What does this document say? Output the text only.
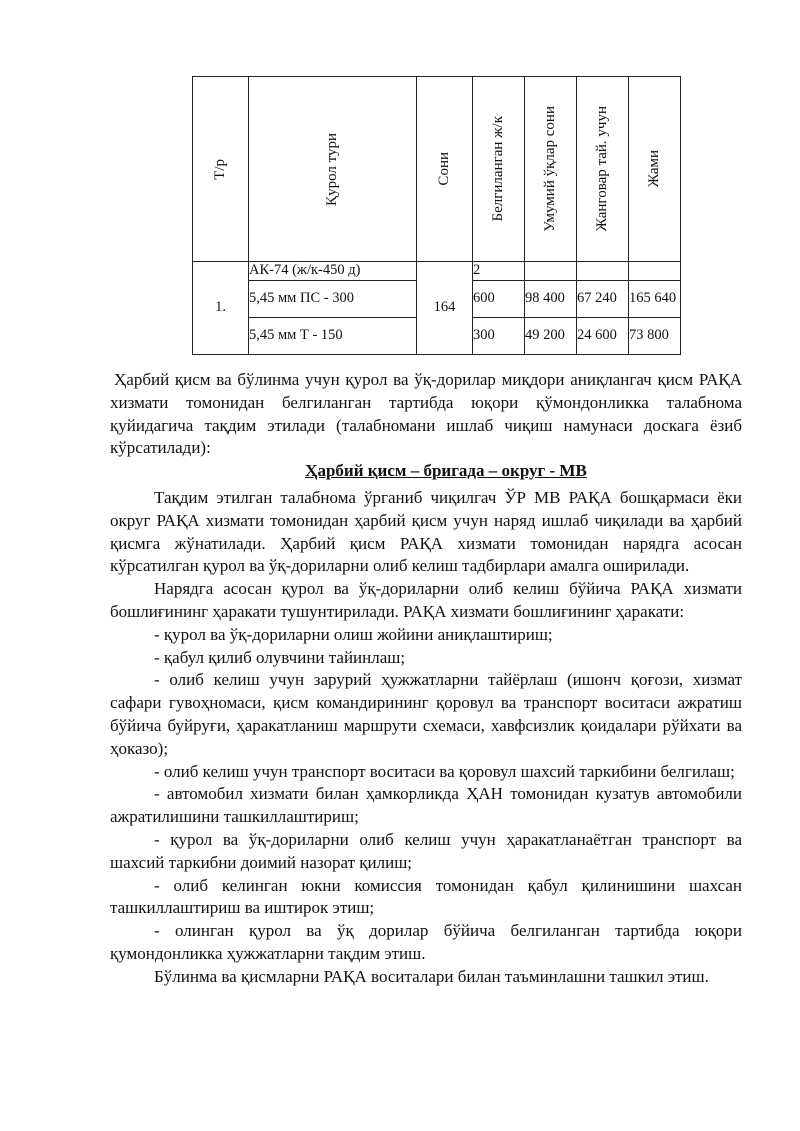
Т/р	Қурол тури	Сони	Белгиланган ж/к	Умумий ўқлар сони	Жанговар тай. учун	Жами

1.	АК-74 (ж/к-450 д)	164	2			
	5,45 мм ПС - 300		600	98 400	67 240	165 640
	5,45 мм Т - 150		300	49 200	24 600	73 800

Ҳарбий қисм ва бўлинма учун қурол ва ўқ-дорилар миқдори аниқлангач қисм РАҚА хизмати томонидан белгиланган тартибда юқори қўмондонликка талабнома қуйидагича тақдим этилади (талабномани ишлаб чиқиш намунаси доскага ёзиб кўрсатилади):

Ҳарбий қисм – бригада – округ - МВ

Тақдим этилган талабнома ўрганиб чиқилгач ЎР МВ РАҚА бошқармаси ёки округ РАҚА хизмати томонидан ҳарбий қисм учун наряд ишлаб чиқилади ва ҳарбий қисмга жўнатилади. Ҳарбий қисм РАҚА хизмати томонидан нарядга асосан кўрсатилган қурол ва ўқ-дориларни олиб келиш тадбирлари амалга оширилади.

Нарядга асосан қурол ва ўқ-дориларни олиб келиш бўйича РАҚА хизмати бошлиғининг ҳаракати тушунтирилади. РАҚА хизмати бошлиғининг ҳаракати:

- қурол ва ўқ-дориларни олиш жойини аниқлаштириш;

- қабул қилиб олувчини тайинлаш;

- олиб келиш учун зарурий ҳужжатларни тайёрлаш (ишонч қоғози, хизмат сафари гувоҳномаси, қисм командирининг қоровул ва транспорт воситаси ажратиш бўйича буйруғи, ҳаракатланиш маршрути схемаси, хавфсизлик қоидалари рўйхати ва ҳоказо);

- олиб келиш учун транспорт воситаси ва қоровул шахсий таркибини белгилаш;

- автомобил хизмати билан ҳамкорликда ҲАН томонидан кузатув автомобили ажратилишини ташкиллаштириш;

- қурол ва ўқ-дориларни олиб келиш учун ҳаракатланаётган транспорт ва шахсий таркибни доимий назорат қилиш;

- олиб келинган юкни комиссия томонидан қабул қилинишини шахсан ташкиллаштириш ва иштирок этиш;

- олинган қурол ва ўқ дорилар бўйича белгиланган тартибда юқори қумондонликка ҳужжатларни тақдим этиш.

Бўлинма ва қисмларни РАҚА воситалари билан таъминлашни ташкил этиш.
